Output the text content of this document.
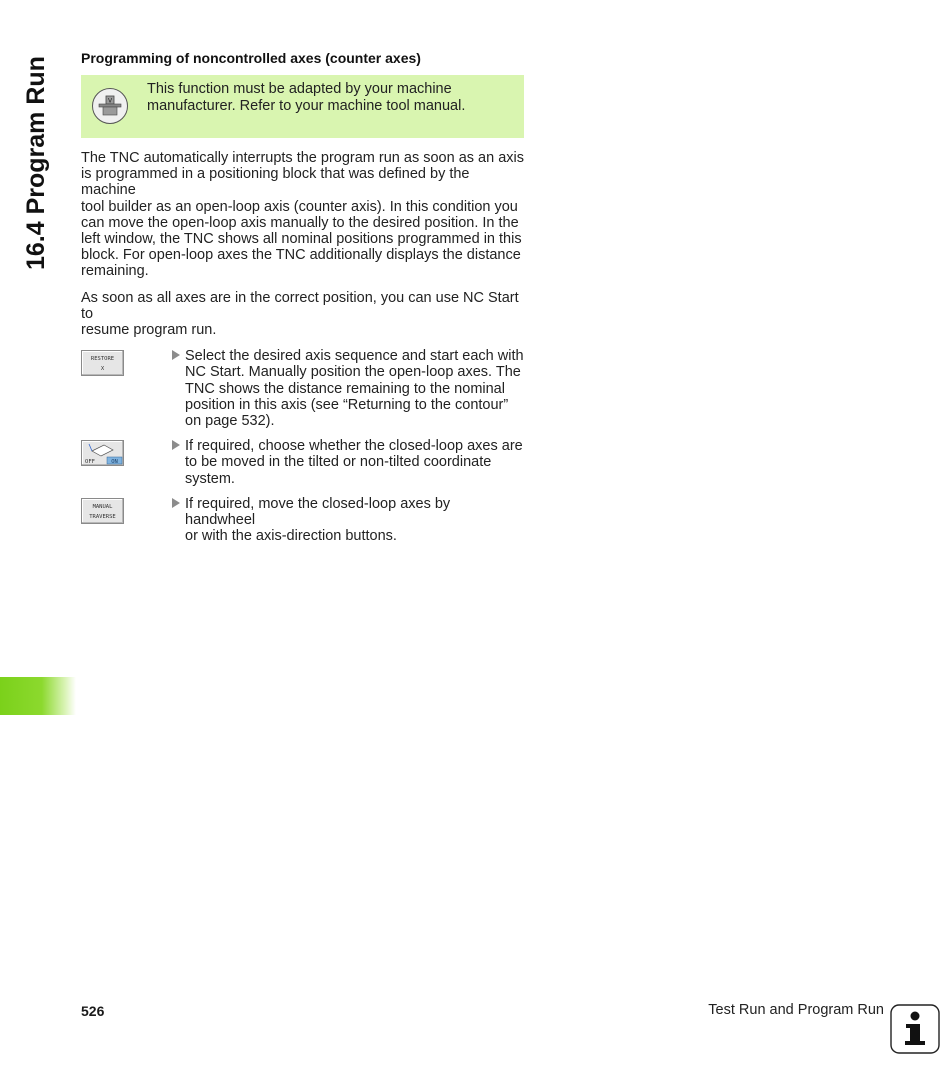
16.4 Program Run Programming of noncontrolled axes (counter axes)
V
This function must be adapted by your machine
manufacturer. Refer to your machine tool manual.

The TNC automatically interrupts the program run as soon as an axis
is programmed in a positioning block that was defined by the machine
tool builder as an open-loop axis (counter axis). In this condition you
can move the open-loop axis manually to the desired position. In the
left window, the TNC shows all nominal positions programmed in this
block. For open-loop axes the TNC additionally displays the distance
remaining.

As soon as all axes are in the correct position, you can use NC Start to
resume program run.

RESTORE
X
Select the desired axis sequence and start each with
NC Start. Manually position the open-loop axes. The
TNC shows the distance remaining to the nominal
position in this axis (see “Returning to the contour”
on page 532).
OFF	ON
If required, choose whether the closed-loop axes are
to be moved in the tilted or non-tilted coordinate
system.
MANUAL
TRAVERSE
If required, move the closed-loop axes by handwheel
or with the axis-direction buttons.
526	Test Run and Program Run
